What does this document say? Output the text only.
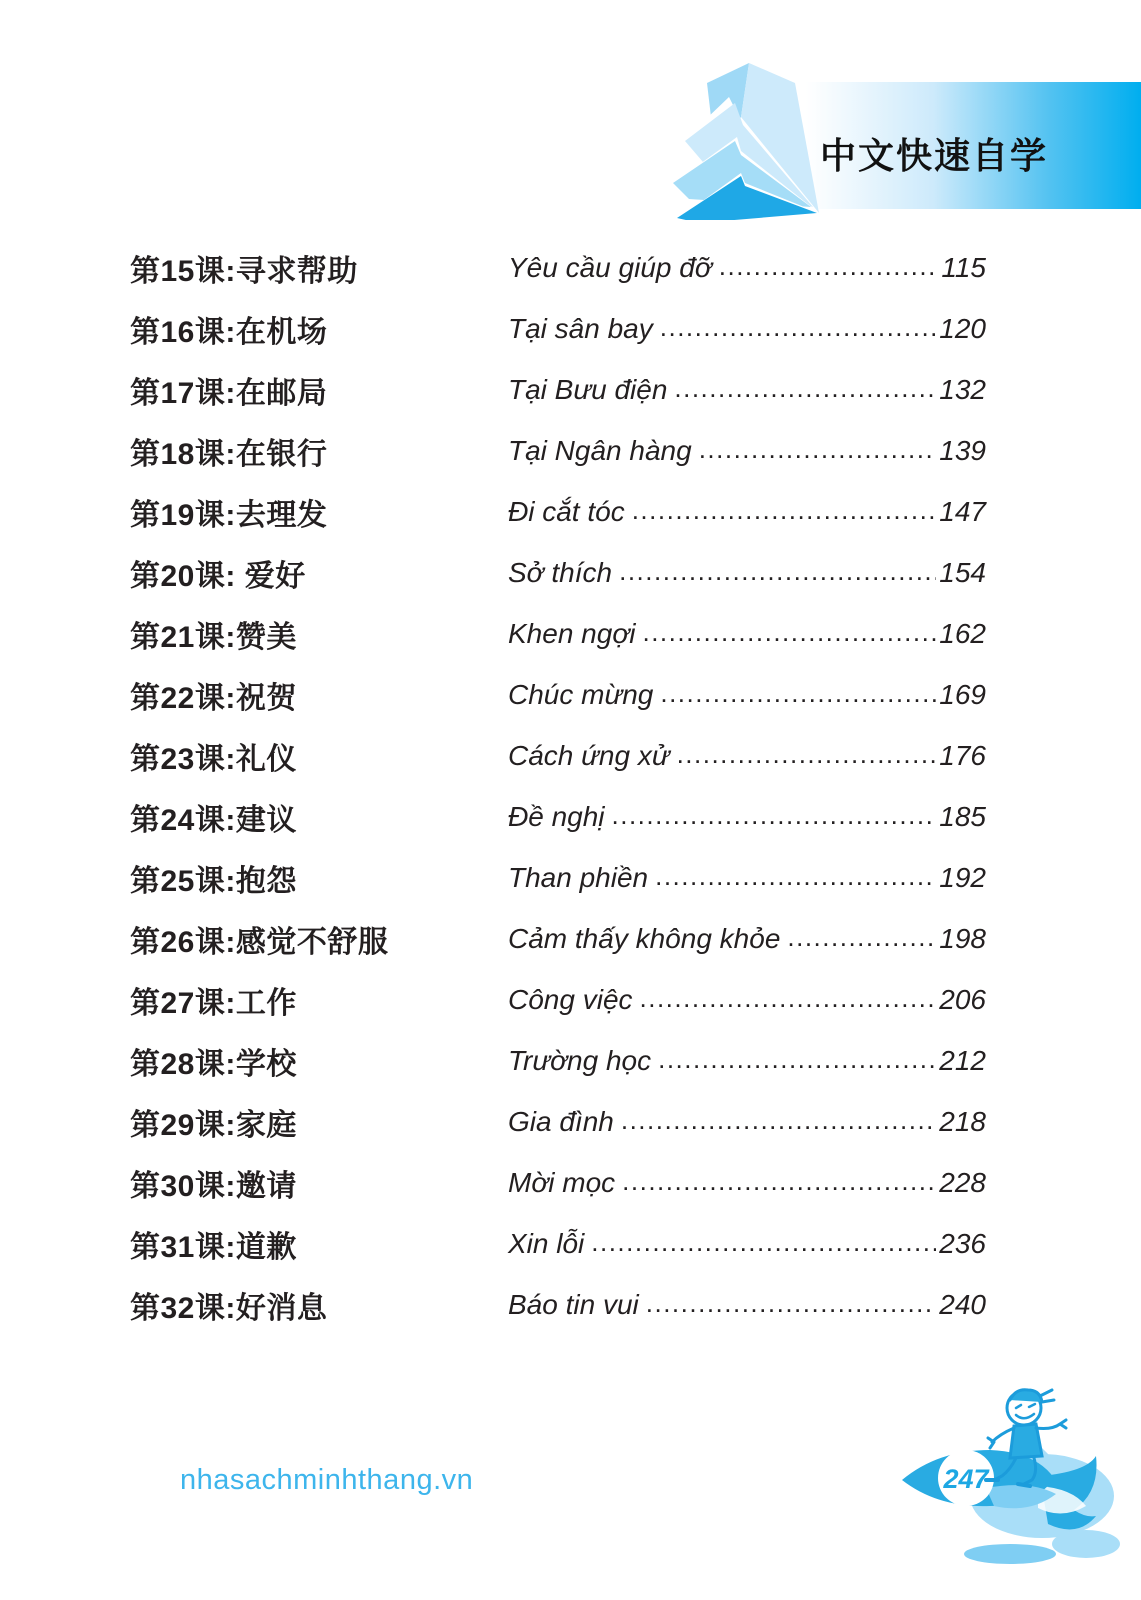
中文快速自学
第15课:寻求帮助	Yêu cầu giúp đỡ .....	115
第16课:在机场	Tại sân bay .....	120
第17课:在邮局	Tại Bưu điện .....	132
第18课:在银行	Tại Ngân hàng .....	139
第19课:去理发	Đi cắt tóc .....	147
第20课: 爱好	Sở thích .....	154
第21课:赞美	Khen ngợi .....	162
第22课:祝贺	Chúc mừng .....	169
第23课:礼仪	Cách ứng xử .....	176
第24课:建议	Đề nghị .....	185
第25课:抱怨	Than phiền .....	192
第26课:感觉不舒服	Cảm thấy không khỏe .....	198
第27课:工作	Công việc .....	206
第28课:学校	Trường học .....	212
第29课:家庭	Gia đình .....	218
第30课:邀请	Mời mọc .....	228
第31课:道歉	Xin lỗi .....	236
第32课:好消息	Báo tin vui .....	240
nhasachminhthang.vn	247
